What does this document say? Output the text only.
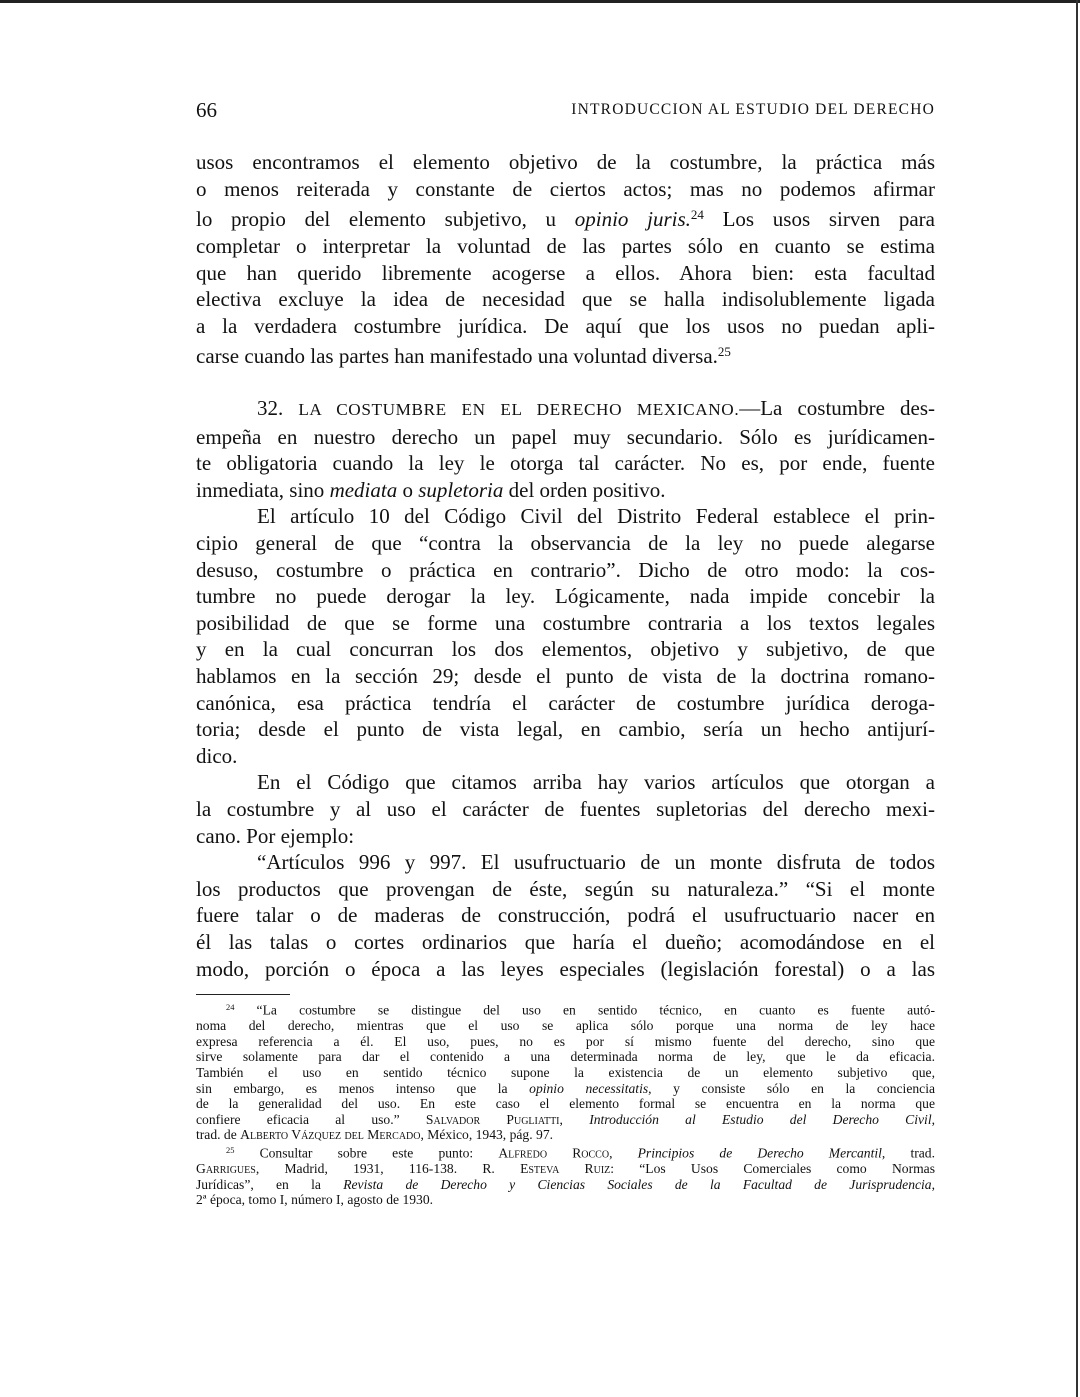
66	INTRODUCCION AL ESTUDIO DEL DERECHO
usos encontramos el elemento objetivo de la costumbre, la práctica más
o menos reiterada y constante de ciertos actos; mas no podemos afirmar
lo propio del elemento subjetivo, u opinio juris.$^{24}$ Los usos sirven para
completar o interpretar la voluntad de las partes sólo en cuanto se estima
que han querido libremente acogerse a ellos. Ahora bien: esta facultad
electiva excluye la idea de necesidad que se halla indisolublemente ligada
a la verdadera costumbre jurídica. De aquí que los usos no puedan apli-
carse cuando las partes han manifestado una voluntad diversa.$^{25}$
32. LA COSTUMBRE EN EL DERECHO MEXICANO.—La costumbre des-
empeña en nuestro derecho un papel muy secundario. Sólo es jurídicamen-
te obligatoria cuando la ley le otorga tal carácter. No es, por ende, fuente
inmediata, sino mediata o supletoria del orden positivo.
El artículo 10 del Código Civil del Distrito Federal establece el prin-
cipio general de que “contra la observancia de la ley no puede alegarse
desuso, costumbre o práctica en contrario”. Dicho de otro modo: la cos-
tumbre no puede derogar la ley. Lógicamente, nada impide concebir la
posibilidad de que se forme una costumbre contraria a los textos legales
y en la cual concurran los dos elementos, objetivo y subjetivo, de que
hablamos en la sección 29; desde el punto de vista de la doctrina romano-
canónica, esa práctica tendría el carácter de costumbre jurídica deroga-
toria; desde el punto de vista legal, en cambio, sería un hecho antijurí-
dico.
En el Código que citamos arriba hay varios artículos que otorgan a
la costumbre y al uso el carácter de fuentes supletorias del derecho mexi-
cano. Por ejemplo:
“Artículos 996 y 997. El usufructuario de un monte disfruta de todos
los productos que provengan de éste, según su naturaleza.” “Si el monte
fuere talar o de maderas de construcción, podrá el usufructuario nacer en
él las talas o cortes ordinarios que haría el dueño; acomodándose en el
modo, porción o época a las leyes especiales (legislación forestal) o a las
$^{24}$ “La costumbre se distingue del uso en sentido técnico, en cuanto es fuente autó-
noma del derecho, mientras que el uso se aplica sólo porque una norma de ley hace
expresa referencia a él. El uso, pues, no es por sí mismo fuente del derecho, sino que
sirve solamente para dar el contenido a una determinada norma de ley, que le da eficacia.
También el uso en sentido técnico supone la existencia de un elemento subjetivo que,
sin embargo, es menos intenso que la opinio necessitatis, y consiste sólo en la conciencia
de la generalidad del uso. En este caso el elemento formal se encuentra en la norma que
confiere eficacia al uso.” Salvador Pugliatti, Introducción al Estudio del Derecho Civil,
trad. de Alberto Vázquez del Mercado, México, 1943, pág. 97.
$^{25}$ Consultar sobre este punto: Alfredo Rocco, Principios de Derecho Mercantil, trad.
Garrigues, Madrid, 1931, 116-138. R. Esteva Ruiz: “Los Usos Comerciales como Normas
Jurídicas”, en la Revista de Derecho y Ciencias Sociales de la Facultad de Jurisprudencia,
2ª época, tomo I, número I, agosto de 1930.
